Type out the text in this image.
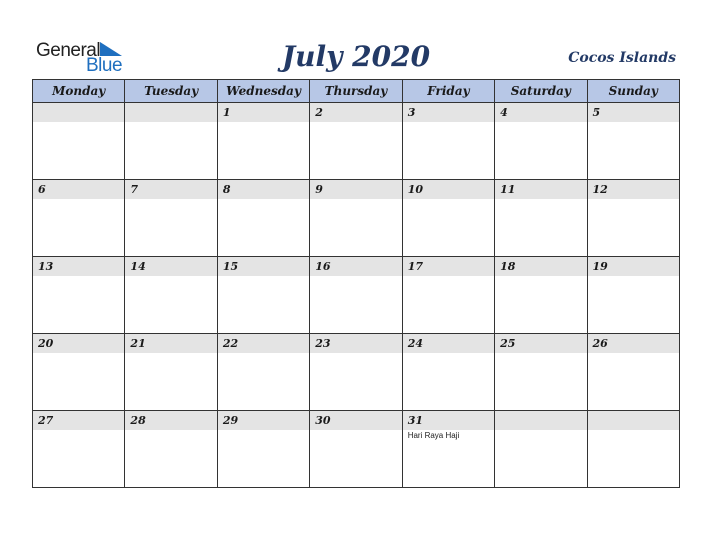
General
Blue	July 2020	Cocos Islands
Monday	Tuesday	Wednesday	Thursday	Friday	Saturday	Sunday

		1	2	3	4	5

6	7	8	9	10	11	12

13	14	15	16	17	18	19

20	21	22	23	24	25	26

27	28	29	30	31
Hari Raya Haji		
